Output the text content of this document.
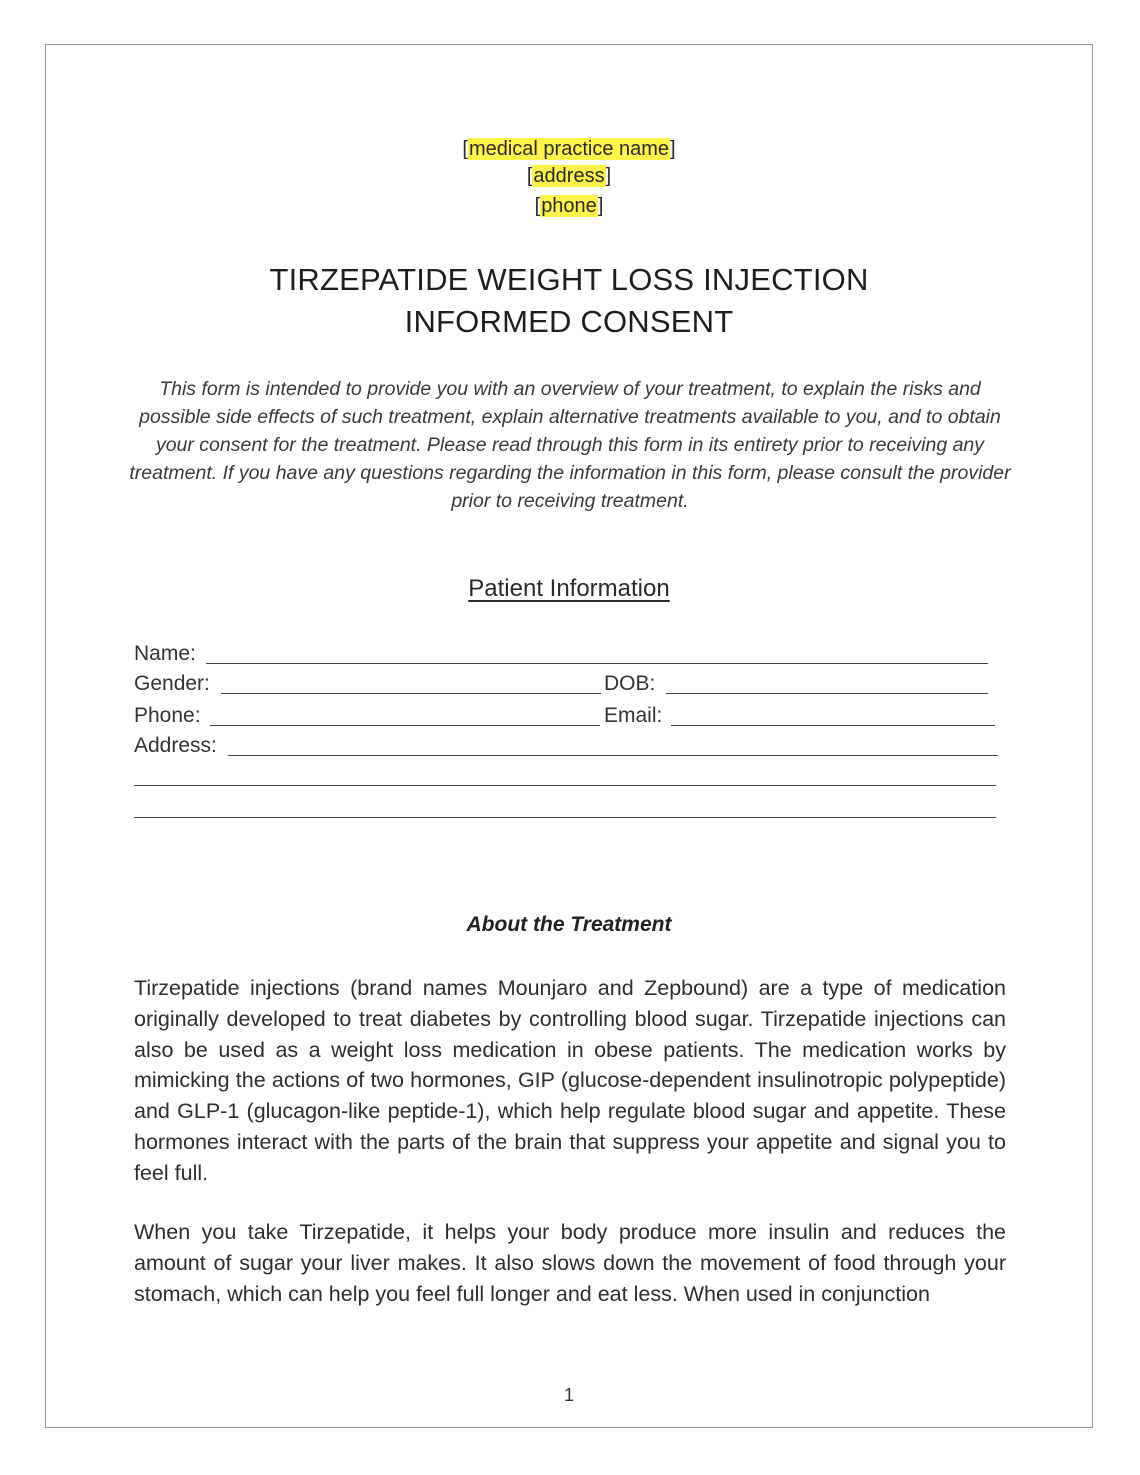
[medical practice name]
[address]
[phone]
TIRZEPATIDE WEIGHT LOSS INJECTION
INFORMED CONSENT
This form is intended to provide you with an overview of your treatment, to explain the risks and possible side effects of such treatment, explain alternative treatments available to you, and to obtain your consent for the treatment. Please read through this form in its entirety prior to receiving any treatment. If you have any questions regarding the information in this form, please consult the provider prior to receiving treatment.
Patient Information
Name:
Gender:	DOB:
Phone:	Email:
Address:
About the Treatment
Tirzepatide injections (brand names Mounjaro and Zepbound) are a type of medication originally developed to treat diabetes by controlling blood sugar. Tirzepatide injections can also be used as a weight loss medication in obese patients. The medication works by mimicking the actions of two hormones, GIP (glucose-dependent insulinotropic polypeptide) and GLP-1 (glucagon-like peptide-1), which help regulate blood sugar and appetite. These hormones interact with the parts of the brain that suppress your appetite and signal you to feel full.
When you take Tirzepatide, it helps your body produce more insulin and reduces the amount of sugar your liver makes. It also slows down the movement of food through your stomach, which can help you feel full longer and eat less. When used in conjunction
1
